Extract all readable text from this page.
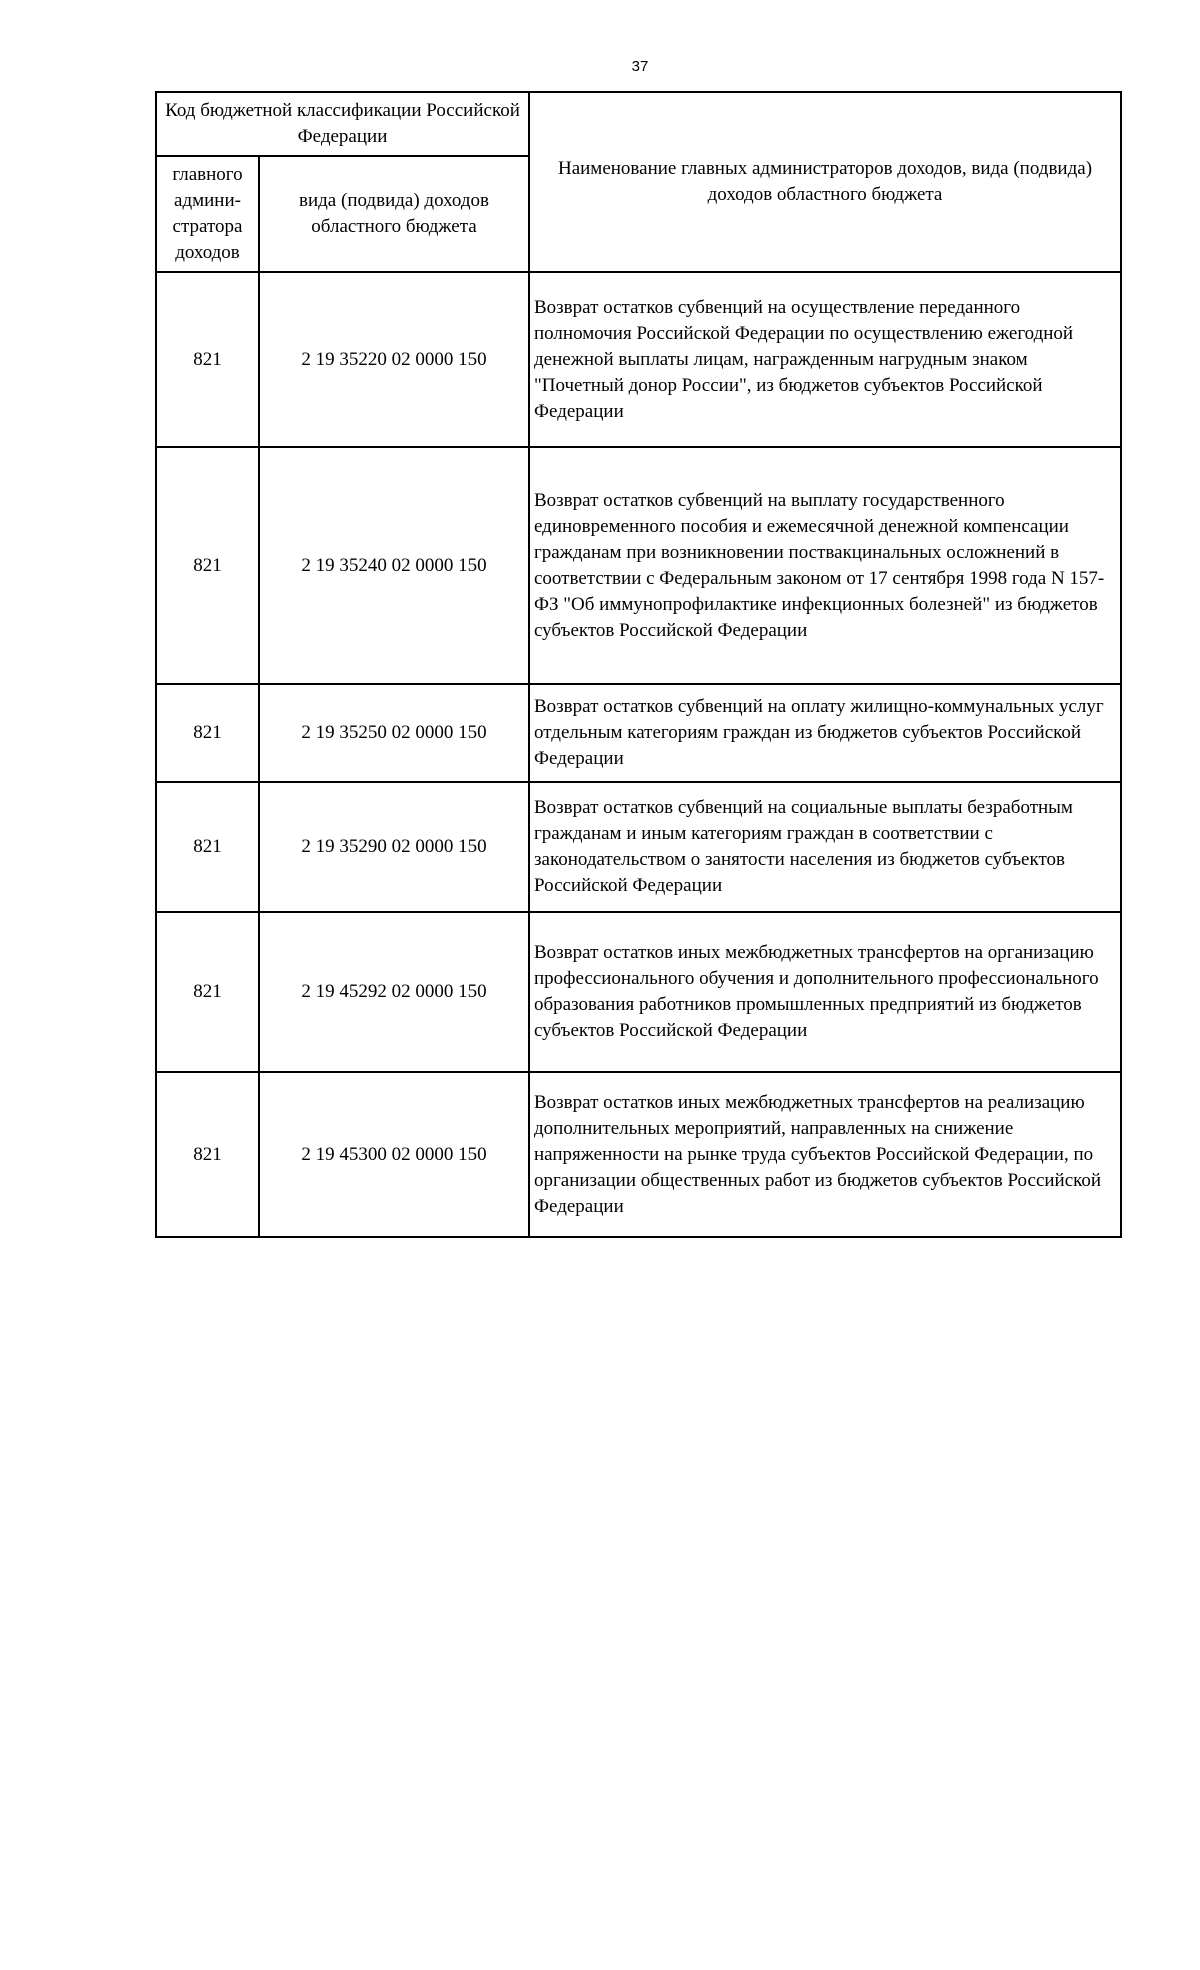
37
Код бюджетной классификации Российской Федерации		Наименование главных администраторов доходов, вида (подвида) доходов областного бюджета
главного админи-стратора доходов	вида (подвида) доходов областного бюджета	
821	2 19 35220 02 0000 150	Возврат остатков субвенций на осуществление переданного полномочия Российской Федерации по осуществлению ежегодной денежной выплаты лицам, награжденным нагрудным знаком "Почетный донор России", из бюджетов субъектов Российской Федерации
821	2 19 35240 02 0000 150	Возврат остатков субвенций на выплату государственного единовременного пособия и ежемесячной денежной компенсации гражданам при возникновении поствакцинальных осложнений в соответствии с Федеральным законом от 17 сентября 1998 года N 157-ФЗ "Об иммунопрофилактике инфекционных болезней" из бюджетов субъектов Российской Федерации
821	2 19 35250 02 0000 150	Возврат остатков субвенций на оплату жилищно-коммунальных услуг отдельным категориям граждан из бюджетов субъектов Российской Федерации
821	2 19 35290 02 0000 150	Возврат остатков субвенций на социальные выплаты безработным гражданам и иным категориям граждан в соответствии с законодательством о занятости населения из бюджетов субъектов Российской Федерации
821	2 19 45292 02 0000 150	Возврат остатков иных межбюджетных трансфертов на организацию профессионального обучения и дополнительного профессионального образования работников промышленных предприятий из бюджетов субъектов Российской Федерации
821	2 19 45300 02 0000 150	Возврат остатков иных межбюджетных трансфертов на реализацию дополнительных мероприятий, направленных на снижение напряженности на рынке труда субъектов Российской Федерации, по организации общественных работ из бюджетов субъектов Российской Федерации
